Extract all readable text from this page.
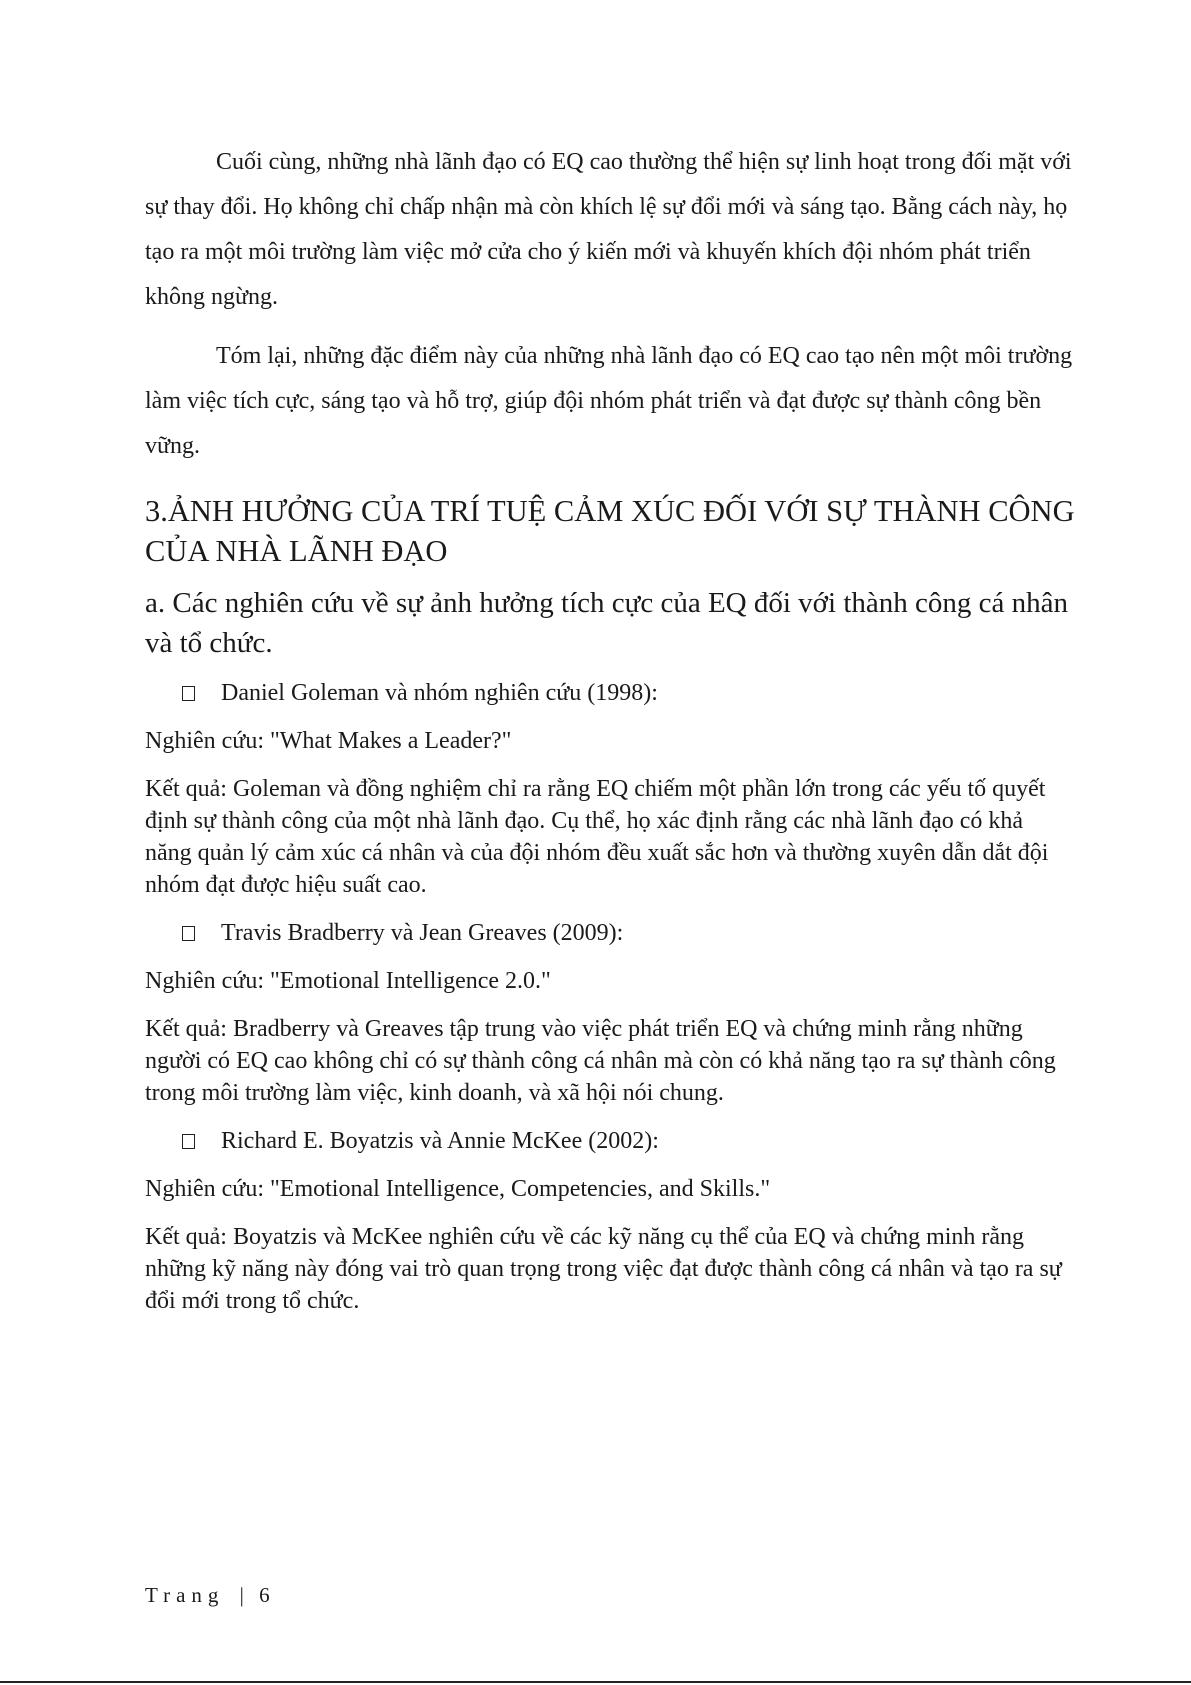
Cuối cùng, những nhà lãnh đạo có EQ cao thường thể hiện sự linh hoạt trong đối mặt với sự thay đổi. Họ không chỉ chấp nhận mà còn khích lệ sự đổi mới và sáng tạo. Bằng cách này, họ tạo ra một môi trường làm việc mở cửa cho ý kiến mới và khuyến khích đội nhóm phát triển không ngừng.

Tóm lại, những đặc điểm này của những nhà lãnh đạo có EQ cao tạo nên một môi trường làm việc tích cực, sáng tạo và hỗ trợ, giúp đội nhóm phát triển và đạt được sự thành công bền vững.

3.ẢNH HƯỞNG CỦA TRÍ TUỆ CẢM XÚC ĐỐI VỚI SỰ THÀNH CÔNG CỦA NHÀ LÃNH ĐẠO
a. Các nghiên cứu về sự ảnh hưởng tích cực của EQ đối với thành công cá nhân và tổ chức.
Daniel Goleman và nhóm nghiên cứu (1998):

Nghiên cứu: "What Makes a Leader?"

Kết quả: Goleman và đồng nghiệm chỉ ra rằng EQ chiếm một phần lớn trong các yếu tố quyết định sự thành công của một nhà lãnh đạo. Cụ thể, họ xác định rằng các nhà lãnh đạo có khả năng quản lý cảm xúc cá nhân và của đội nhóm đều xuất sắc hơn và thường xuyên dẫn dắt đội nhóm đạt được hiệu suất cao.

Travis Bradberry và Jean Greaves (2009):

Nghiên cứu: "Emotional Intelligence 2.0."

Kết quả: Bradberry và Greaves tập trung vào việc phát triển EQ và chứng minh rằng những người có EQ cao không chỉ có sự thành công cá nhân mà còn có khả năng tạo ra sự thành công trong môi trường làm việc, kinh doanh, và xã hội nói chung.

Richard E. Boyatzis và Annie McKee (2002):

Nghiên cứu: "Emotional Intelligence, Competencies, and Skills."

Kết quả: Boyatzis và McKee nghiên cứu về các kỹ năng cụ thể của EQ và chứng minh rằng những kỹ năng này đóng vai trò quan trọng trong việc đạt được thành công cá nhân và tạo ra sự đổi mới trong tổ chức.

Trang | 6
